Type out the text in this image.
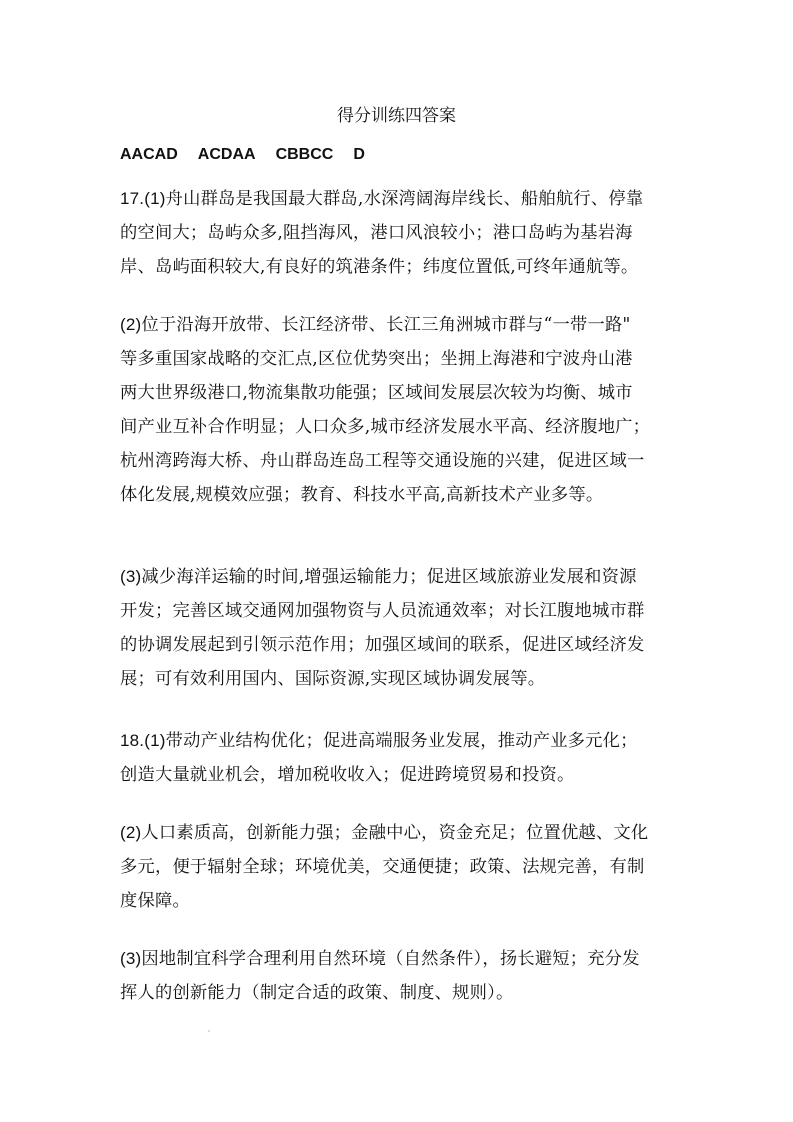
得分训练四答案
AACAD ACDAA CBBCC D
17.(1)舟山群岛是我国最大群岛,水深湾阔海岸线长、船舶航行、停靠
的空间大；岛屿众多,阻挡海风，港口风浪较小；港口岛屿为基岩海
岸、岛屿面积较大,有良好的筑港条件；纬度位置低,可终年通航等。
(2)位于沿海开放带、长江经济带、长江三角洲城市群与“一带一路"
等多重国家战略的交汇点,区位优势突出；坐拥上海港和宁波舟山港
两大世界级港口,物流集散功能强；区域间发展层次较为均衡、城市
间产业互补合作明显；人口众多,城市经济发展水平高、经济腹地广；
杭州湾跨海大桥、舟山群岛连岛工程等交通设施的兴建，促进区域一
体化发展,规模效应强；教育、科技水平高,高新技术产业多等。
(3)减少海洋运输的时间,增强运输能力；促进区域旅游业发展和资源
开发；完善区域交通网加强物资与人员流通效率；对长江腹地城市群
的协调发展起到引领示范作用；加强区域间的联系，促进区域经济发
展；可有效利用国内、国际资源,实现区域协调发展等。
18.(1)带动产业结构优化；促进高端服务业发展，推动产业多元化；
创造大量就业机会，增加税收收入；促进跨境贸易和投资。
(2)人口素质高，创新能力强；金融中心，资金充足；位置优越、文化
多元，便于辐射全球；环境优美，交通便捷；政策、法规完善，有制
度保障。
(3)因地制宜科学合理利用自然环境（自然条件），扬长避短；充分发
挥人的创新能力（制定合适的政策、制度、规则）。
